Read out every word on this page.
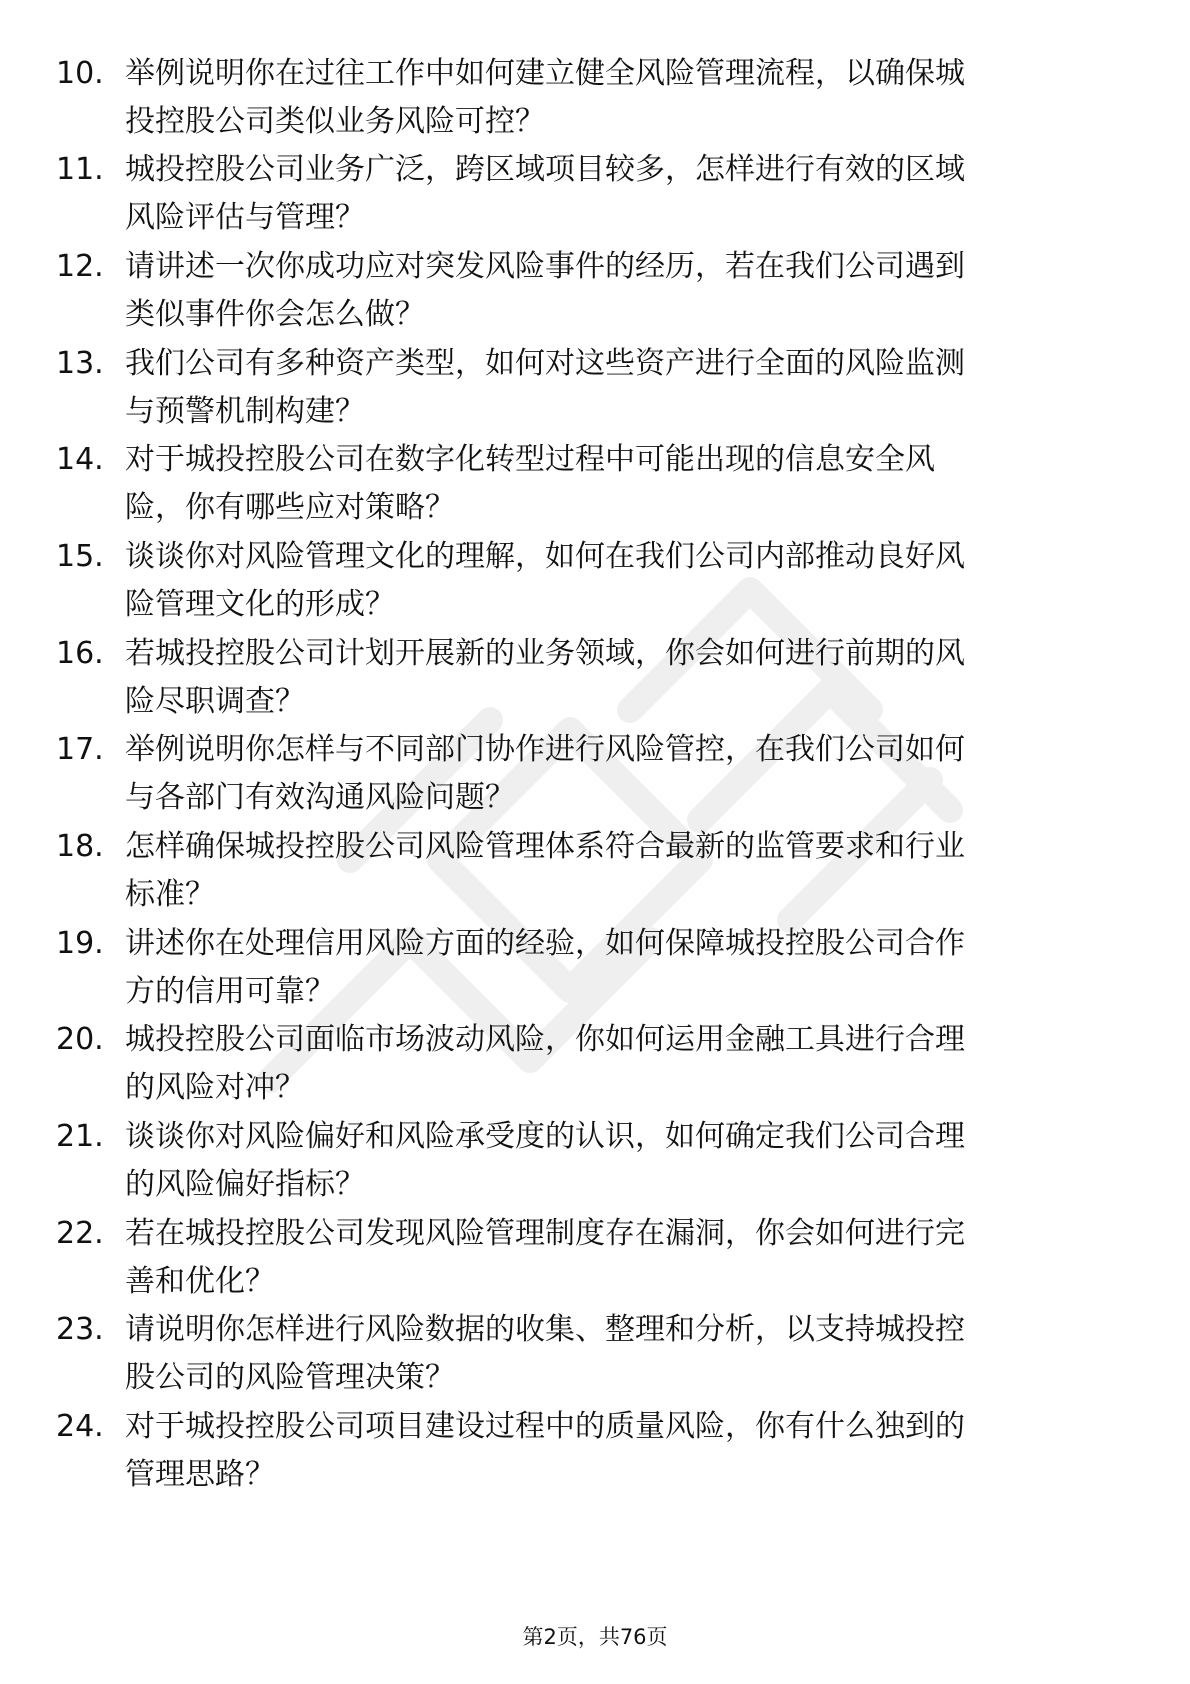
10. 举例说明你在过往工作中如何建立健全风险管理流程，以确保城
投控股公司类似业务风险可控？
11. 城投控股公司业务广泛，跨区域项目较多，怎样进行有效的区域
风险评估与管理？
12. 请讲述一次你成功应对突发风险事件的经历，若在我们公司遇到
类似事件你会怎么做？
13. 我们公司有多种资产类型，如何对这些资产进行全面的风险监测
与预警机制构建？
14. 对于城投控股公司在数字化转型过程中可能出现的信息安全风
险，你有哪些应对策略？
15. 谈谈你对风险管理文化的理解，如何在我们公司内部推动良好风
险管理文化的形成？
16. 若城投控股公司计划开展新的业务领域，你会如何进行前期的风
险尽职调查？
17. 举例说明你怎样与不同部门协作进行风险管控，在我们公司如何
与各部门有效沟通风险问题？
18. 怎样确保城投控股公司风险管理体系符合最新的监管要求和行业
标准？
19. 讲述你在处理信用风险方面的经验，如何保障城投控股公司合作
方的信用可靠？
20. 城投控股公司面临市场波动风险，你如何运用金融工具进行合理
的风险对冲？
21. 谈谈你对风险偏好和风险承受度的认识，如何确定我们公司合理
的风险偏好指标？
22. 若在城投控股公司发现风险管理制度存在漏洞，你会如何进行完
善和优化？
23. 请说明你怎样进行风险数据的收集、整理和分析，以支持城投控
股公司的风险管理决策？
24. 对于城投控股公司项目建设过程中的质量风险，你有什么独到的
管理思路？
第2页，共76页
